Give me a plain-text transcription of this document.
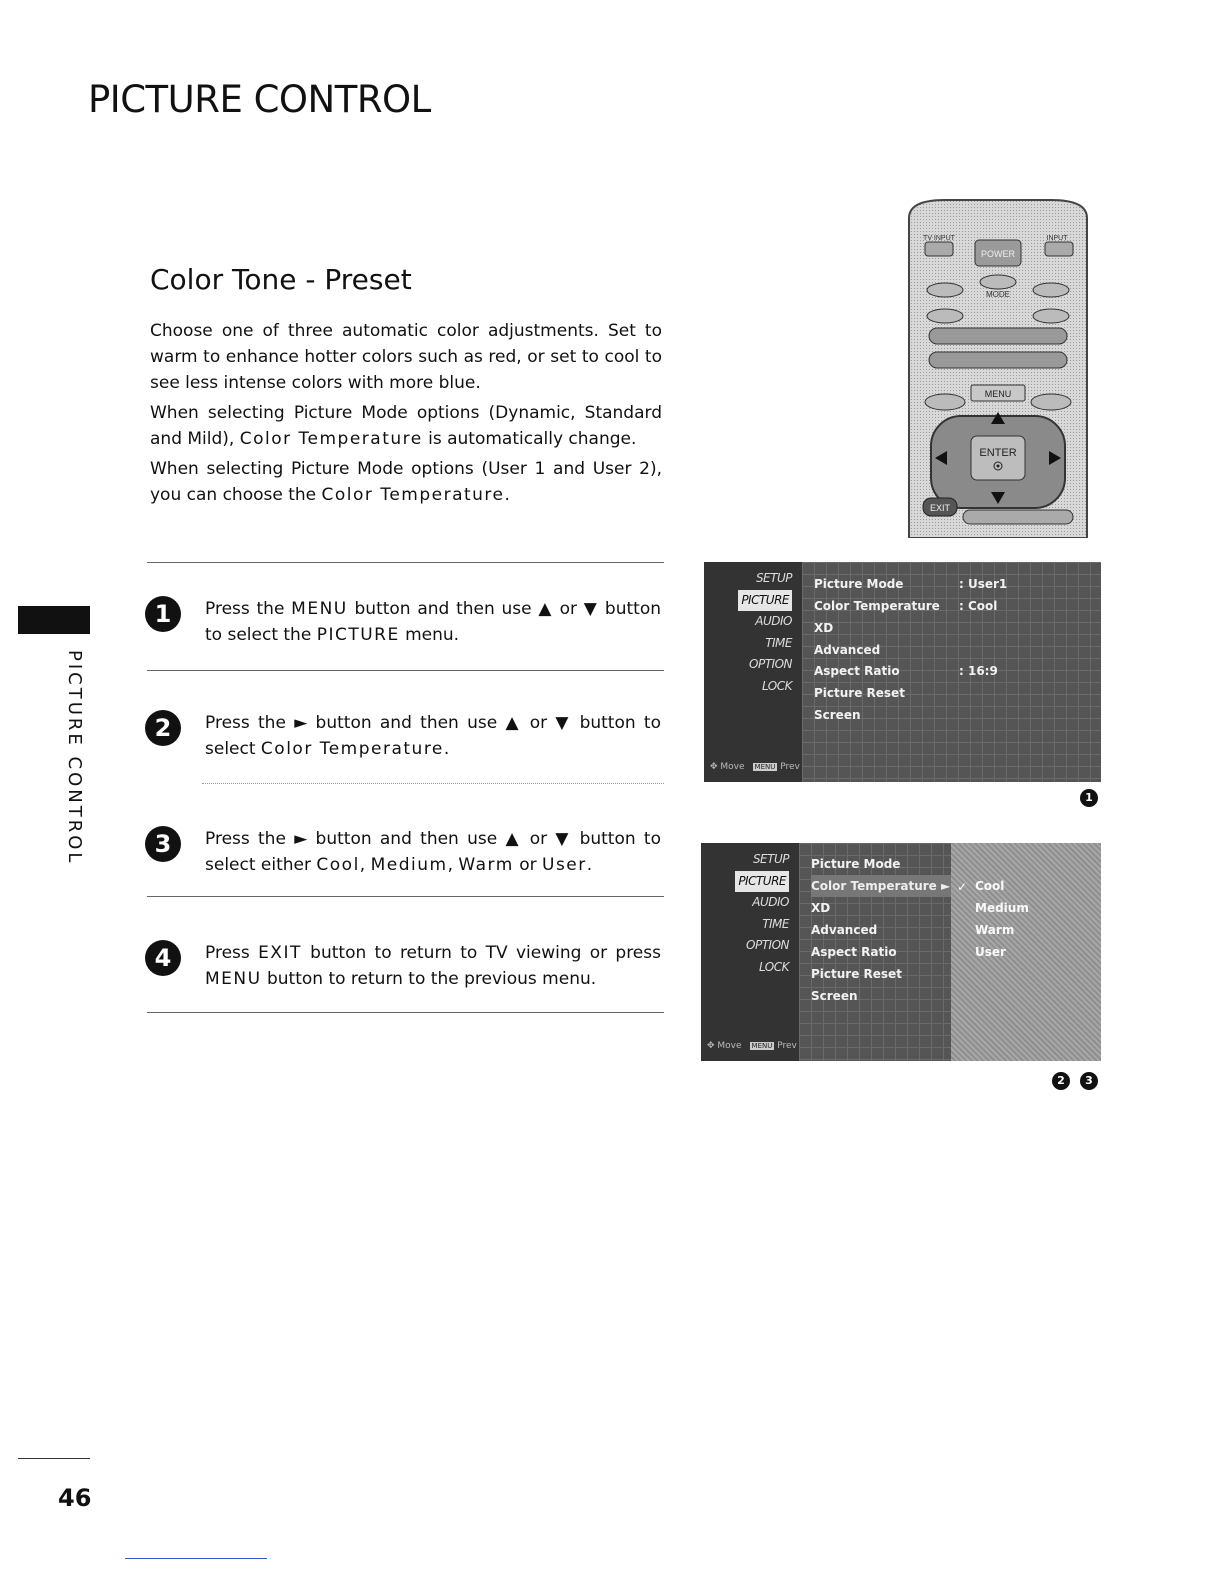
PICTURE CONTROL
PICTURE CONTROL
Color Tone - Preset

Choose one of three automatic color adjustments. Set to warm to enhance hotter colors such as red, or set to cool to see less intense colors with more blue.

When selecting Picture Mode options (Dynamic, Standard and Mild), Color Temperature is automatically change.

When selecting Picture Mode options (User 1 and User 2), you can choose the Color Temperature.

POWER
TV INPUT	INPUT
MODE
MENU
ENTER
EXIT
1	Press the MENU button and then use ▲ or ▼ button to select the PICTURE menu.
2	Press the ► button and then use ▲ or ▼ button to select Color Temperature.
3	Press the ► button and then use ▲ or ▼ button to select either Cool, Medium, Warm or User.
4	Press EXIT button to return to TV viewing or press MENU button to return to the previous menu.
SETUP
PICTURE
AUDIO
TIME
OPTION
LOCK
✥ Move MENU Prev
Picture Mode	: User1
Color Temperature : Cool
XD
Advanced
Aspect Ratio	: 16:9
Picture Reset
Screen
1
SETUP
PICTURE
AUDIO
TIME
OPTION
LOCK
✥ Move MENU Prev
Picture Mode
Color Temperature ►
XD
Advanced
Aspect Ratio
Picture Reset
Screen
✓ Cool
Medium
Warm
User
2	3
46
